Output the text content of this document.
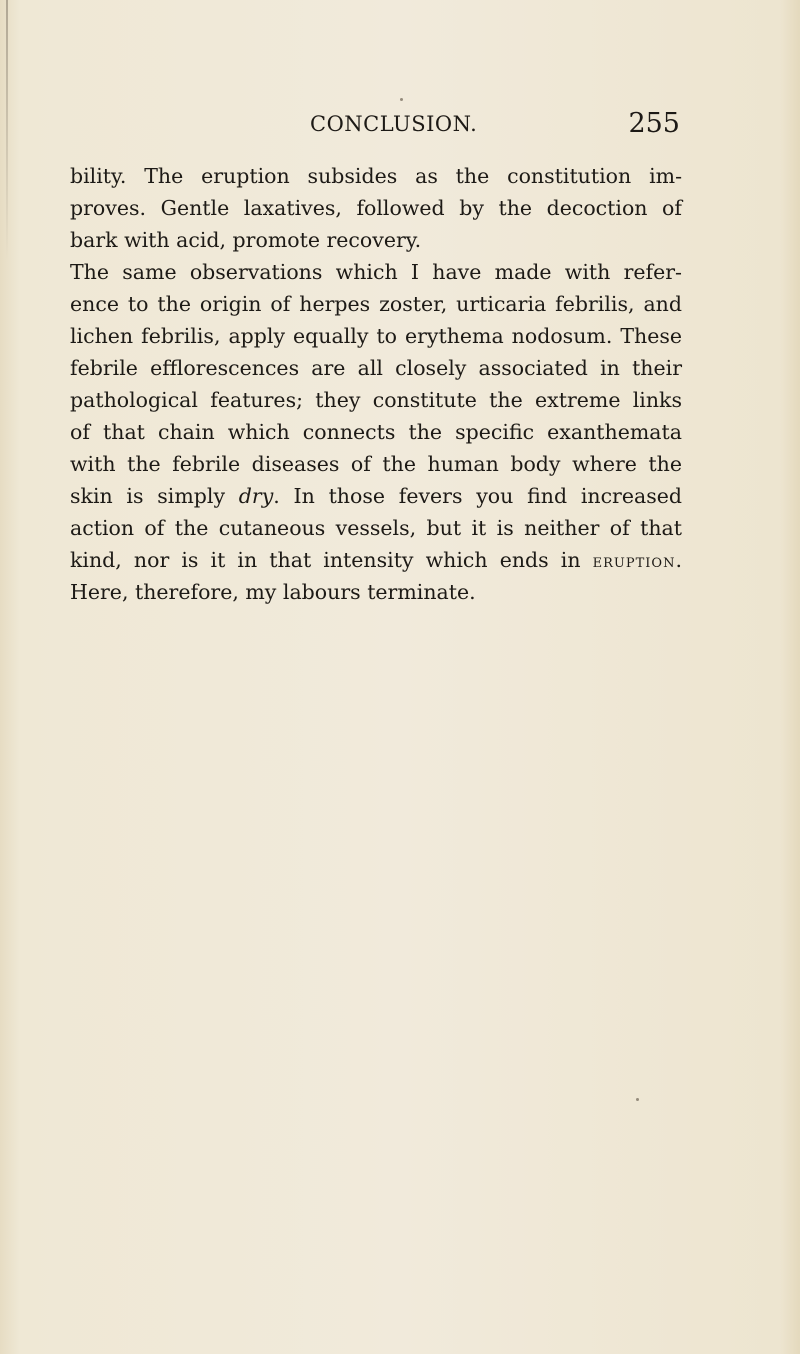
CONCLUSION.	255
bility. The eruption subsides as the constitution im-
proves. Gentle laxatives, followed by the decoction of
bark with acid, promote recovery.
The same observations which I have made with refer-
ence to the origin of herpes zoster, urticaria febrilis, and
lichen febrilis, apply equally to erythema nodosum. These
febrile efflorescences are all closely associated in their
pathological features; they constitute the extreme links
of that chain which connects the specific exanthemata
with the febrile diseases of the human body where the
skin is simply dry. In those fevers you find increased
action of the cutaneous vessels, but it is neither of that
kind, nor is it in that intensity which ends in eruption.
Here, therefore, my labours terminate.
